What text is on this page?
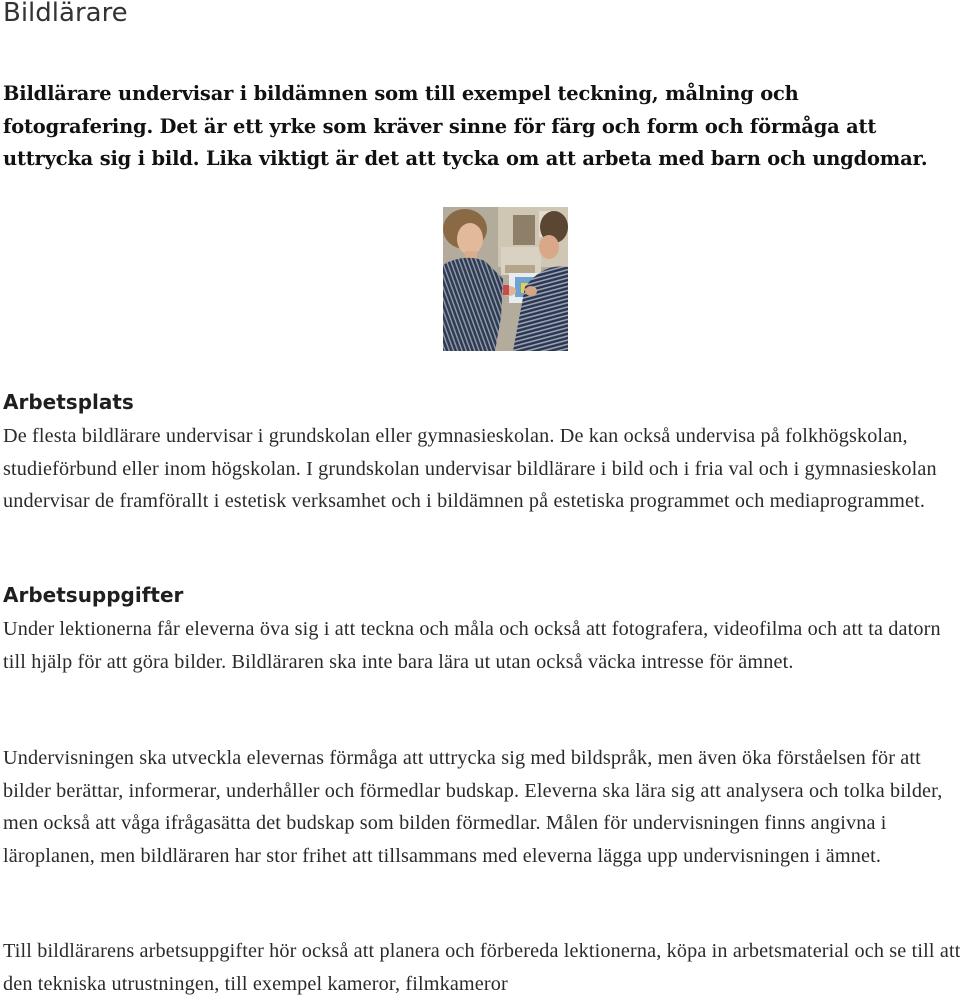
Bildlärare

Bildlärare undervisar i bildämnen som till exempel teckning, målning och fotografering. Det är ett yrke som kräver sinne för färg och form och förmåga att uttrycka sig i bild. Lika viktigt är det att tycka om att arbeta med barn och ungdomar.

Arbetsplats

De flesta bildlärare undervisar i grundskolan eller gymnasieskolan. De kan också undervisa på folkhögskolan, studieförbund eller inom högskolan. I grundskolan undervisar bildlärare i bild och i fria val och i gymnasieskolan undervisar de framförallt i estetisk verksamhet och i bildämnen på estetiska programmet och mediaprogrammet.

Arbetsuppgifter

Under lektionerna får eleverna öva sig i att teckna och måla och också att fotografera, videofilma och att ta datorn till hjälp för att göra bilder. Bildläraren ska inte bara lära ut utan också väcka intresse för ämnet.

Undervisningen ska utveckla elevernas förmåga att uttrycka sig med bildspråk, men även öka förståelsen för att bilder berättar, informerar, underhåller och förmedlar budskap. Eleverna ska lära sig att analysera och tolka bilder, men också att våga ifrågasätta det budskap som bilden förmedlar. Målen för undervisningen finns angivna i läroplanen, men bildläraren har stor frihet att tillsammans med eleverna lägga upp undervisningen i ämnet.

Till bildlärarens arbetsuppgifter hör också att planera och förbereda lektionerna, köpa in arbetsmaterial och se till att den tekniska utrustningen, till exempel kameror, filmkameror
